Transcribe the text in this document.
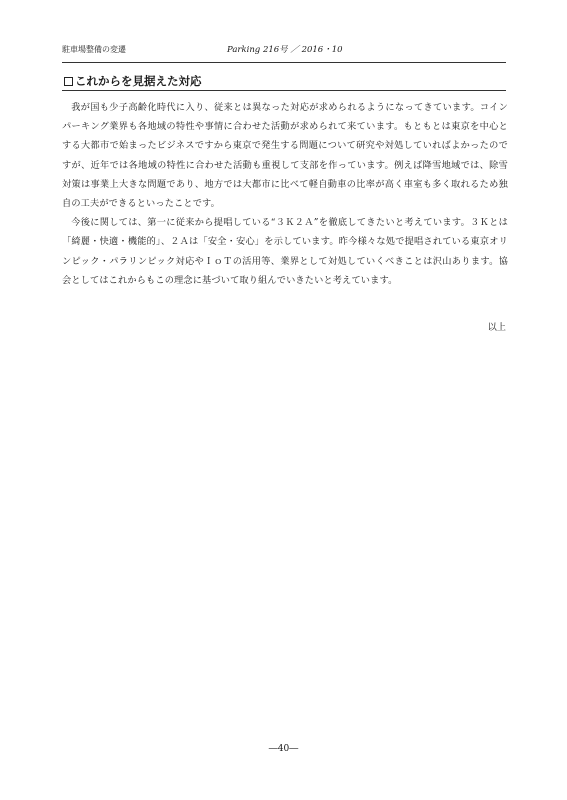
駐車場整備の変遷	Parking 216号 ／ 2016・10
これからを見据えた対応

我が国も少子高齢化時代に入り、従来とは異なった対応が求められるようになってきています。コインパーキング業界も各地域の特性や事情に合わせた活動が求められて来ています。もともとは東京を中心とする大都市で始まったビジネスですから東京で発生する問題について研究や対処していればよかったのですが、近年では各地域の特性に合わせた活動も重視して支部を作っています。例えば降雪地域では、除雪対策は事業上大きな問題であり、地方では大都市に比べて軽自動車の比率が高く車室も多く取れるため独自の工夫ができるといったことです。

今後に関しては、第一に従来から提唱している“３Ｋ２Ａ”を徹底してきたいと考えています。３Ｋとは「綺麗・快適・機能的」、２Ａは「安全・安心」を示しています。昨今様々な処で提唱されている東京オリンピック・パラリンピック対応やＩｏＴの活用等、業界として対処していくべきことは沢山あります。協会としてはこれからもこの理念に基づいて取り組んでいきたいと考えています。

以上
―40―
